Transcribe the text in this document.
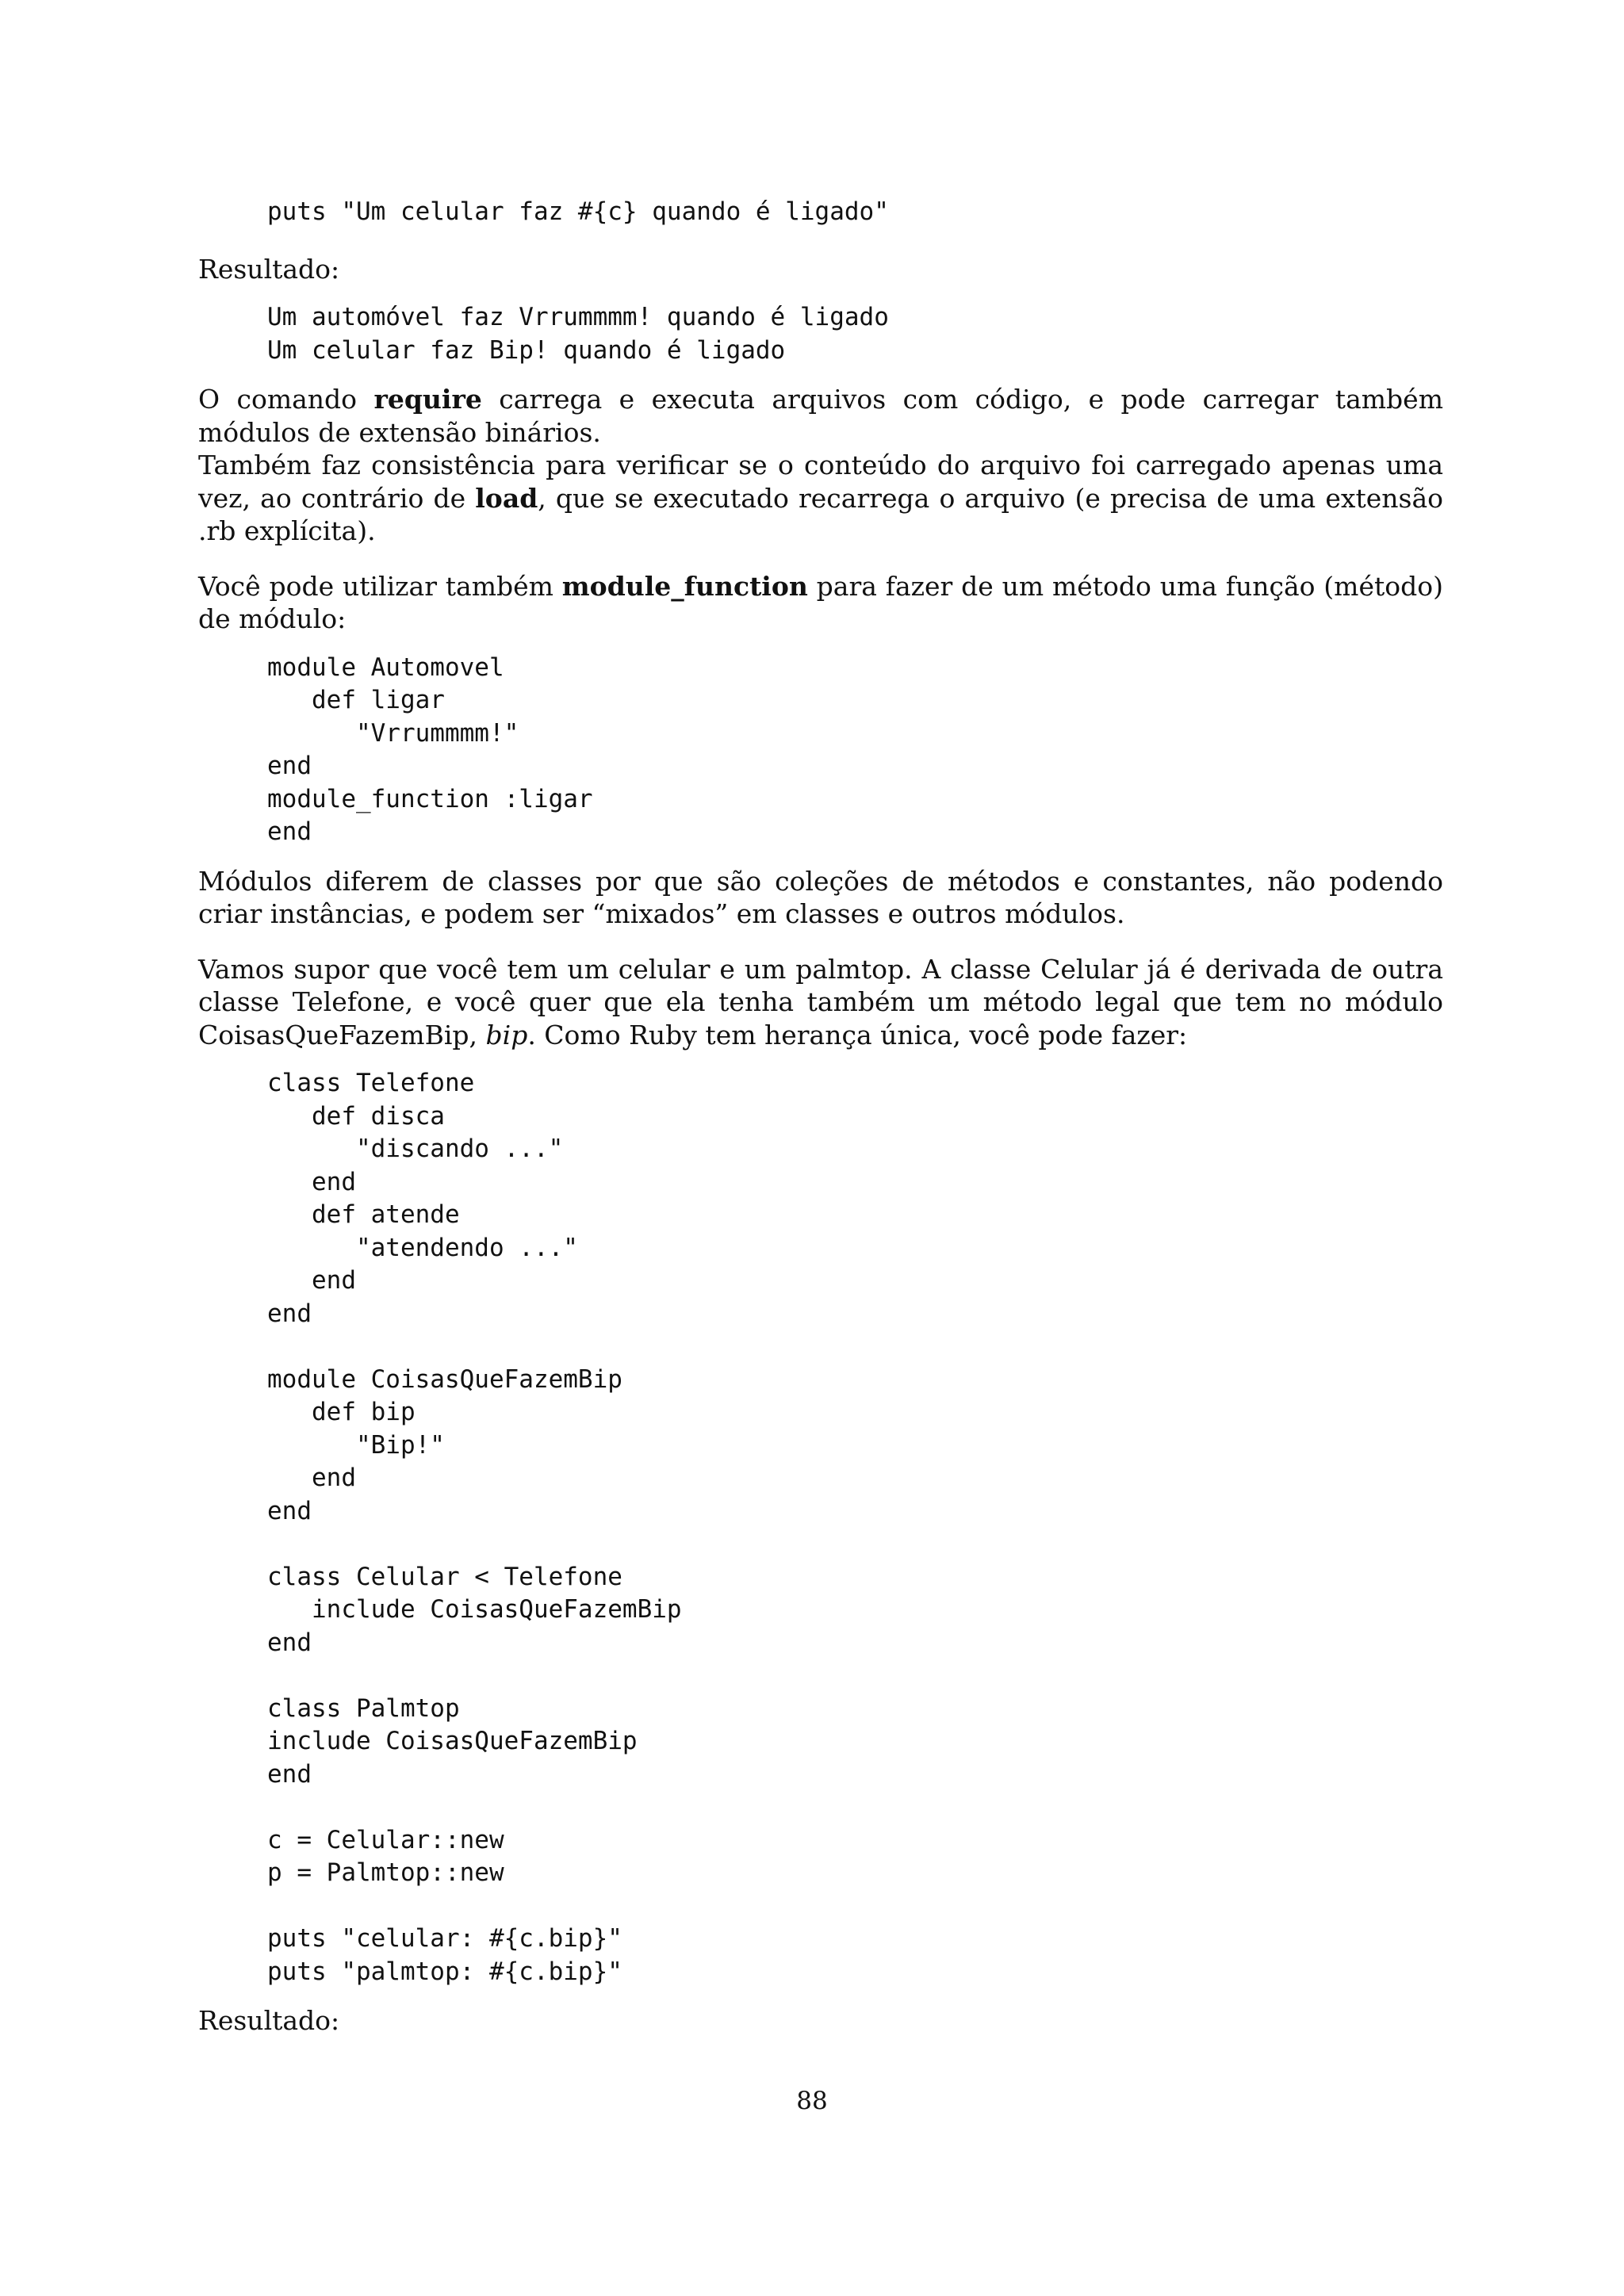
puts "Um celular faz #{c} quando é ligado"
Resultado:
Um automóvel faz Vrrummmm! quando é ligado
Um celular faz Bip! quando é ligado
O comando require carrega e executa arquivos com código, e pode carregar também módulos de extensão binários.
Também faz consistência para verificar se o conteúdo do arquivo foi carregado apenas uma vez, ao contrário de load, que se executado recarrega o arquivo (e precisa de uma extensão .rb explícita).
Você pode utilizar também module_function para fazer de um método uma função (método) de módulo:
module Automovel
def ligar
"Vrrummmm!"
end
module_function :ligar
end
Módulos diferem de classes por que são coleções de métodos e constantes, não podendo criar instâncias, e podem ser “mixados” em classes e outros módulos.
Vamos supor que você tem um celular e um palmtop. A classe Celular já é derivada de outra classe Telefone, e você quer que ela tenha também um método legal que tem no módulo CoisasQueFazemBip, bip. Como Ruby tem herança única, você pode fazer:
class Telefone
def disca
"discando ..."
end
def atende
"atendendo ..."
end
end

module CoisasQueFazemBip
def bip
"Bip!"
end
end

class Celular < Telefone
include CoisasQueFazemBip
end

class Palmtop
include CoisasQueFazemBip
end

c = Celular::new
p = Palmtop::new

puts "celular: #{c.bip}"
puts "palmtop: #{c.bip}"
Resultado:
88
